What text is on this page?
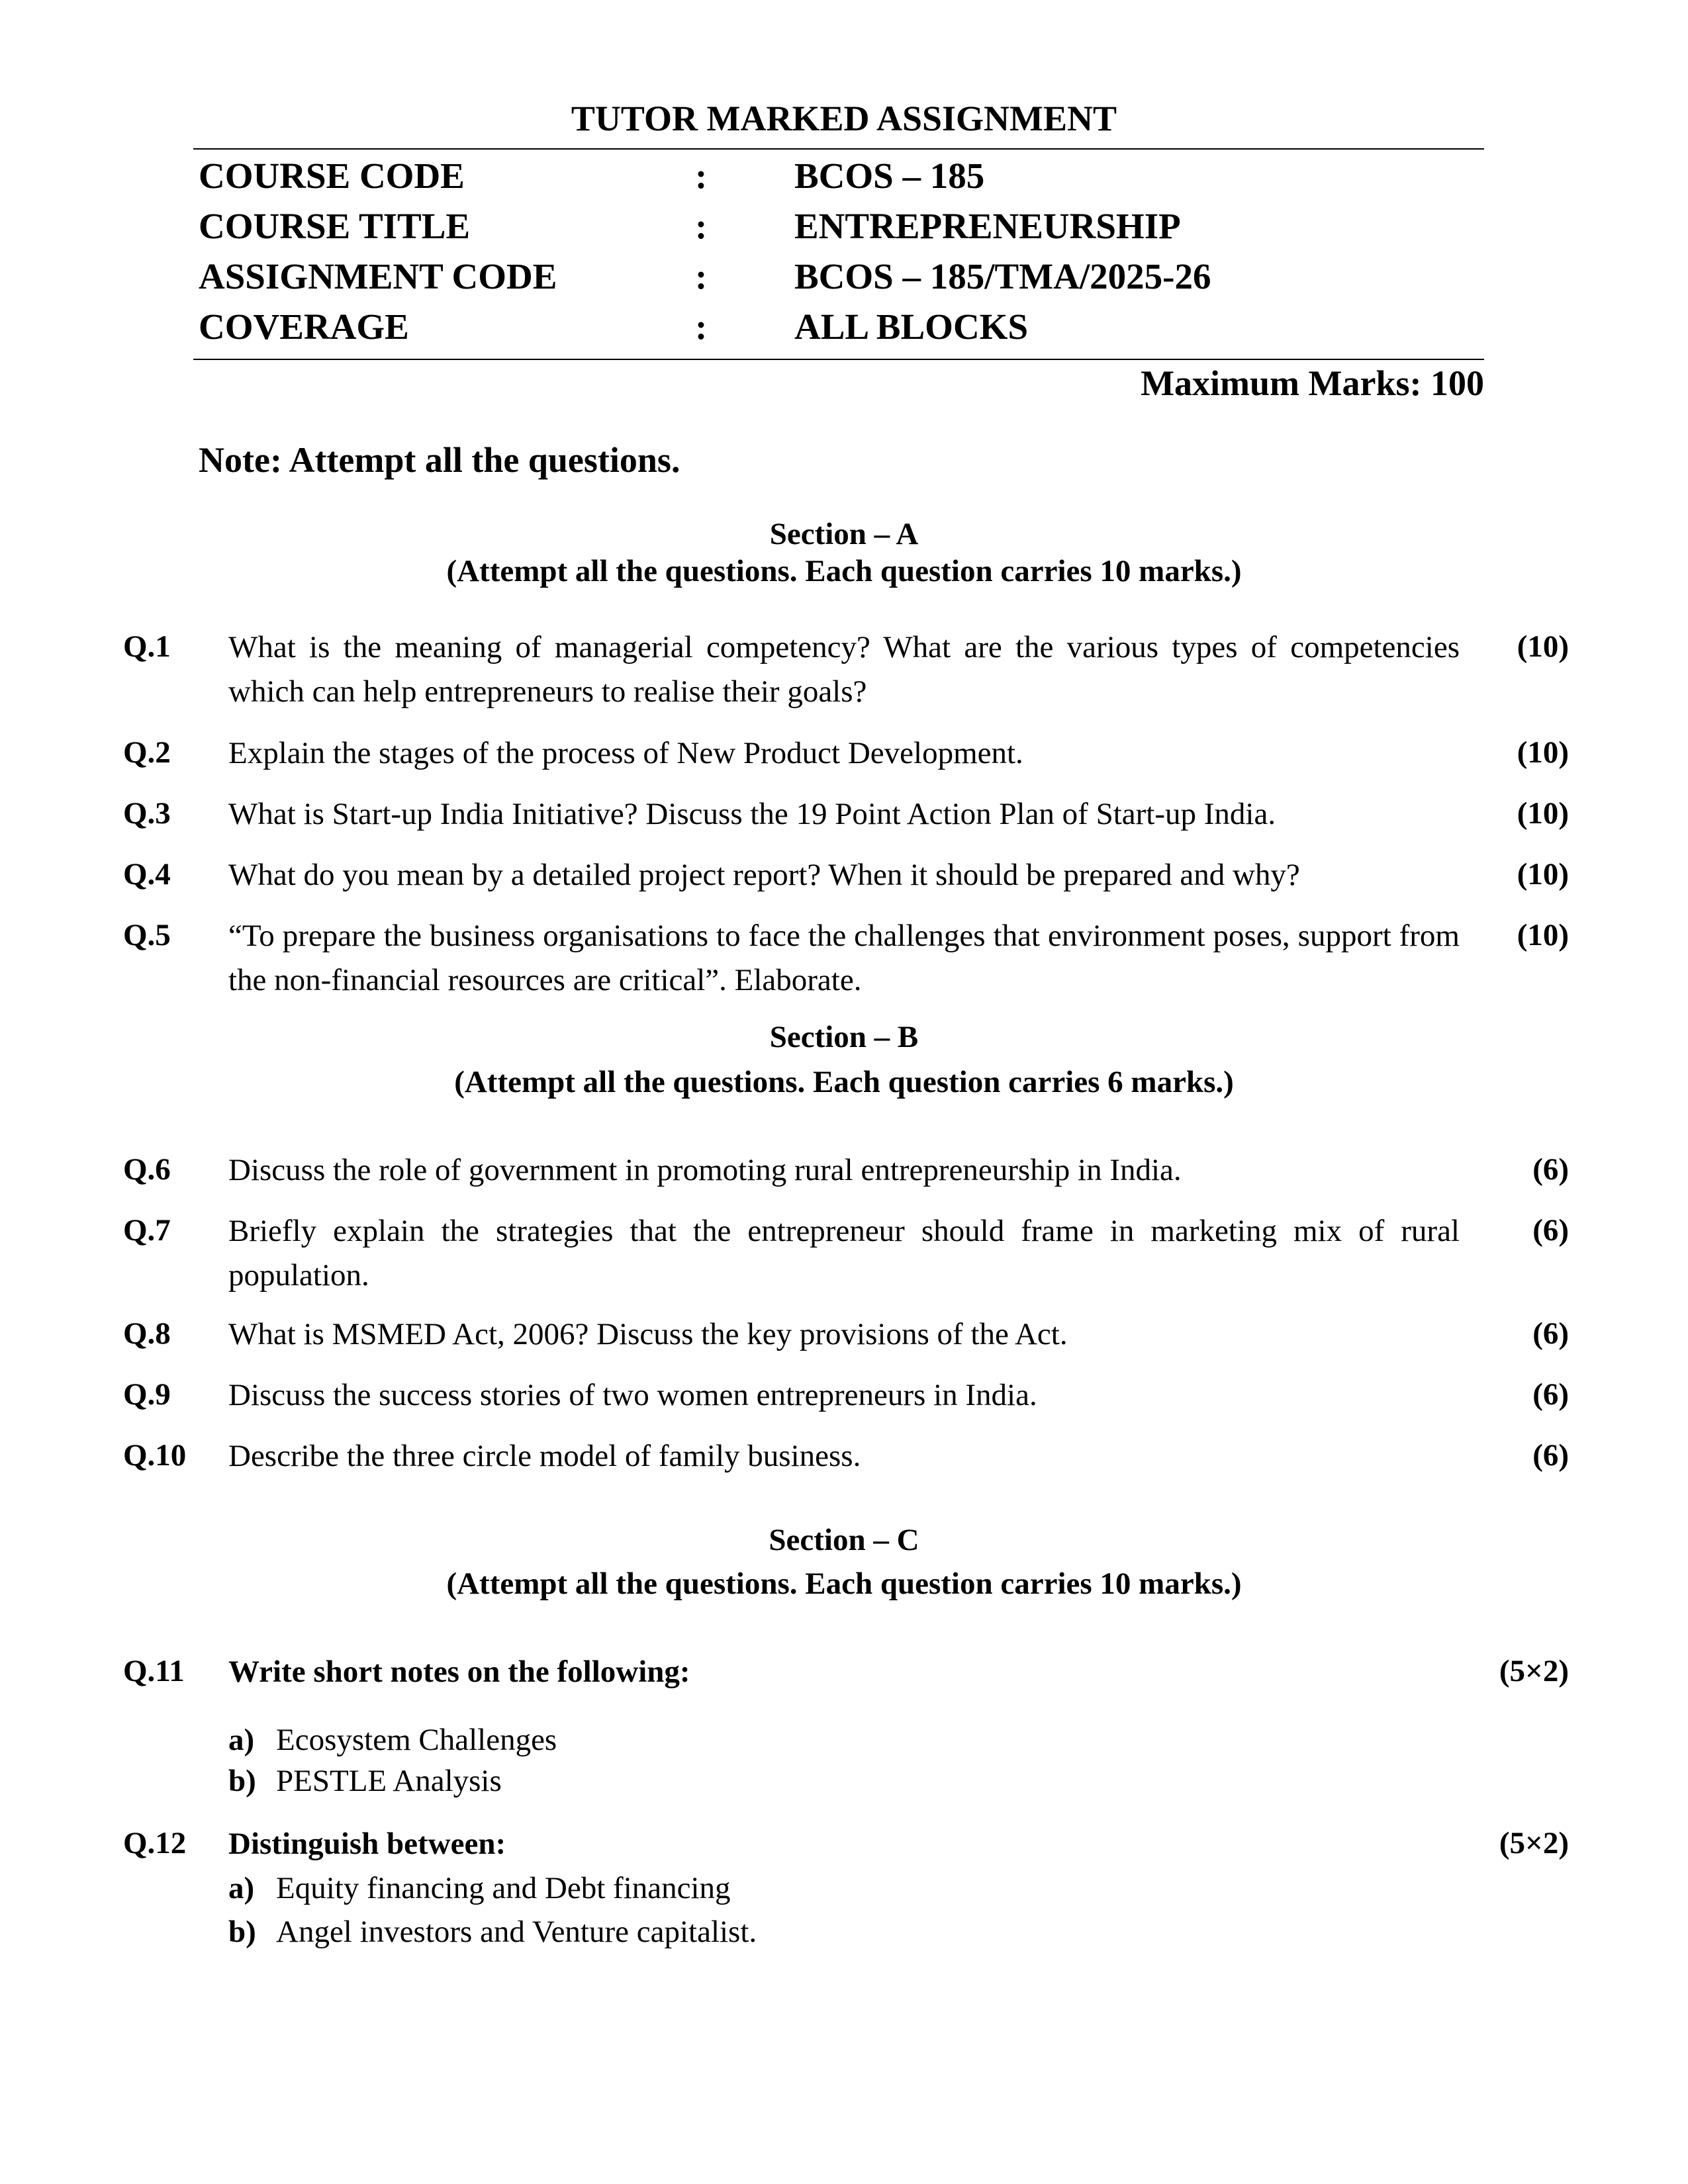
TUTOR MARKED ASSIGNMENT
COURSE CODE	: BCOS – 185
COURSE TITLE	: ENTREPRENEURSHIP
ASSIGNMENT CODE	: BCOS – 185/TMA/2025-26
COVERAGE	: ALL BLOCKS
Maximum Marks: 100
Note: Attempt all the questions.
Section – A
(Attempt all the questions. Each question carries 10 marks.)
Q.1 What is the meaning of managerial competency? What are the various types of competencies which can help entrepreneurs to realise their goals?
(10)
Q.2 Explain the stages of the process of New Product Development.	(10)
Q.3 What is Start-up India Initiative? Discuss the 19 Point Action Plan of Start-up India.	(10)
Q.4 What do you mean by a detailed project report? When it should be prepared and why?	(10)
Q.5 “To prepare the business organisations to face the challenges that environment poses, support from the non-financial resources are critical”. Elaborate.
(10)
Section – B
(Attempt all the questions. Each question carries 6 marks.)
Q.6 Discuss the role of government in promoting rural entrepreneurship in India.	(6)
Q.7 Briefly explain the strategies that the entrepreneur should frame in marketing mix of rural population.
(6)
Q.8 What is MSMED Act, 2006? Discuss the key provisions of the Act.	(6)
Q.9 Discuss the success stories of two women entrepreneurs in India.	(6)
Q.10 Describe the three circle model of family business.	(6)
Section – C
(Attempt all the questions. Each question carries 10 marks.)
Q.11 Write short notes on the following:	(5×2)
a) Ecosystem Challenges
b) PESTLE Analysis
Q.12 Distinguish between:	(5×2)
a) Equity financing and Debt financing
b) Angel investors and Venture capitalist.
